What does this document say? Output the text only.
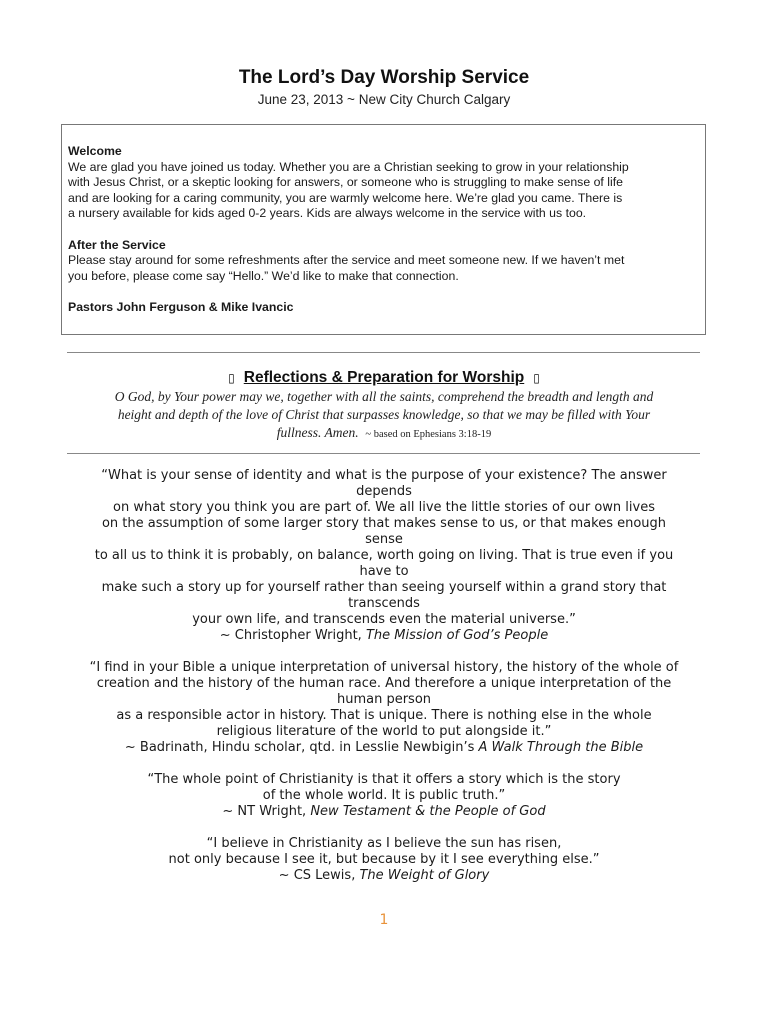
The Lord’s Day Worship Service
June 23, 2013 ~ New City Church Calgary
Welcome
We are glad you have joined us today. Whether you are a Christian seeking to grow in your relationship
with Jesus Christ, or a skeptic looking for answers, or someone who is struggling to make sense of life
and are looking for a caring community, you are warmly welcome here. We’re glad you came. There is
a nursery available for kids aged 0-2 years. Kids are always welcome in the service with us too.
After the Service
Please stay around for some refreshments after the service and meet someone new. If we haven’t met
you before, please come say “Hello.” We’d like to make that connection.
Pastors John Ferguson & Mike Ivancic
▯ Reflections & Preparation for Worship ▯
O God, by Your power may we, together with all the saints, comprehend the breadth and length and
height and depth of the love of Christ that surpasses knowledge, so that we may be filled with Your
fullness. Amen. ~ based on Ephesians 3:18-19
“What is your sense of identity and what is the purpose of your existence? The answer
depends
on what story you think you are part of. We all live the little stories of our own lives
on the assumption of some larger story that makes sense to us, or that makes enough
sense
to all us to think it is probably, on balance, worth going on living. That is true even if you
have to
make such a story up for yourself rather than seeing yourself within a grand story that
transcends
your own life, and transcends even the material universe.”
~ Christopher Wright, The Mission of God’s People
“I find in your Bible a unique interpretation of universal history, the history of the whole of
creation and the history of the human race. And therefore a unique interpretation of the
human person
as a responsible actor in history. That is unique. There is nothing else in the whole
religious literature of the world to put alongside it.”
~ Badrinath, Hindu scholar, qtd. in Lesslie Newbigin’s A Walk Through the Bible
“The whole point of Christianity is that it offers a story which is the story
of the whole world. It is public truth.”
~ NT Wright, New Testament & the People of God
“I believe in Christianity as I believe the sun has risen,
not only because I see it, but because by it I see everything else.”
~ CS Lewis, The Weight of Glory
1
